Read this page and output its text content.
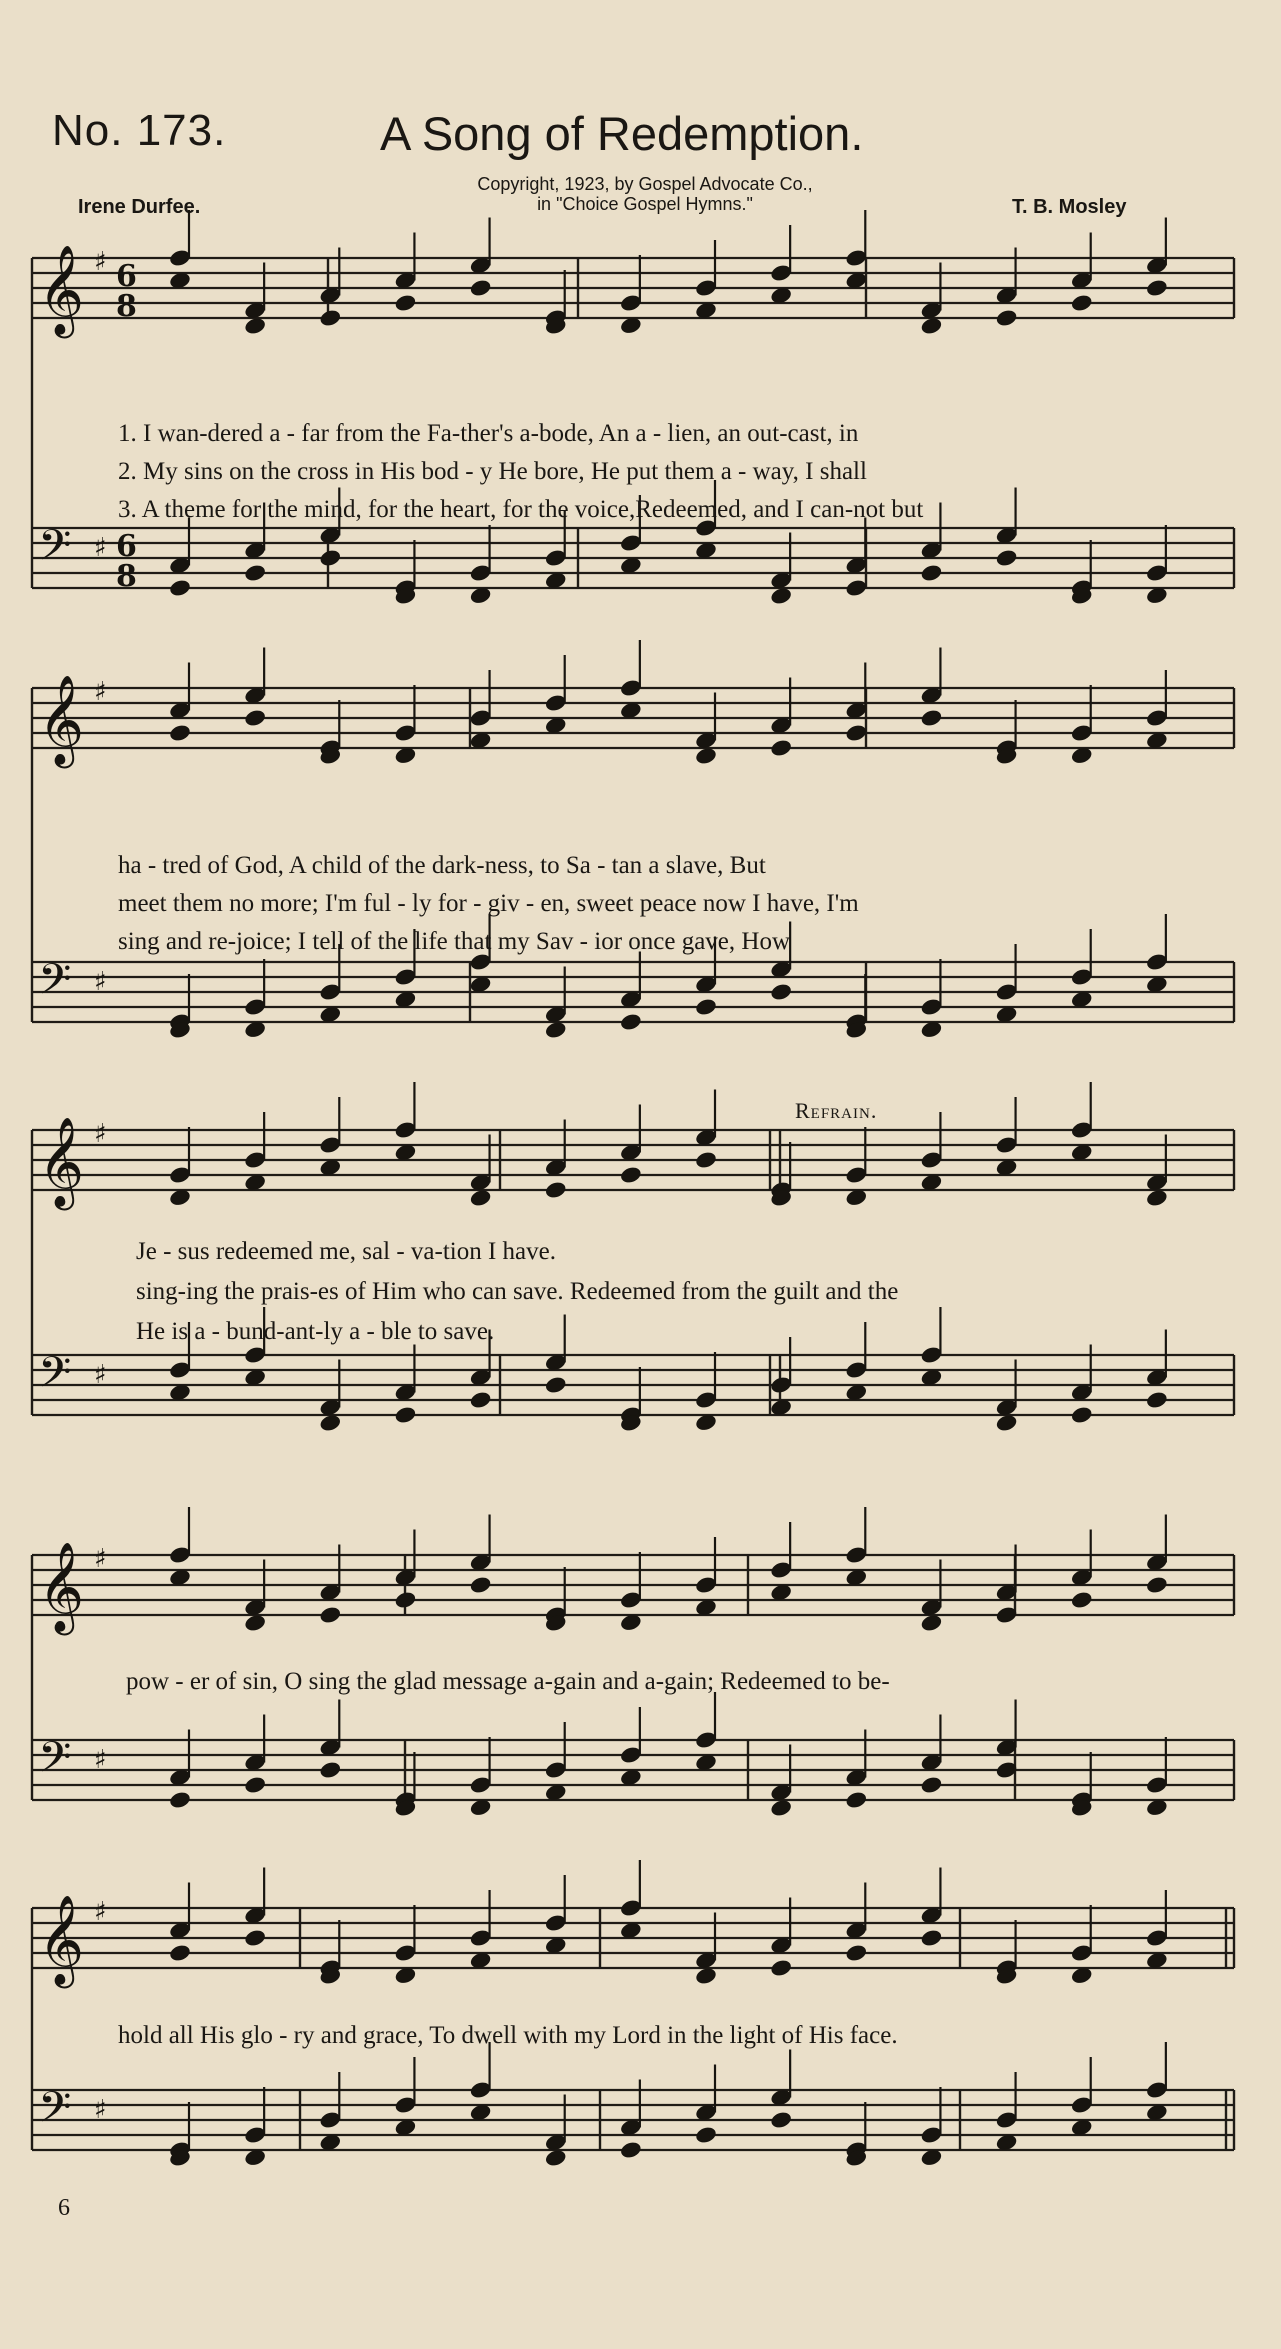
No. 173.	A Song of Redemption.
Copyright, 1923, by Gospel Advocate Co.,
in "Choice Gospel Hymns."
Irene Durfee.	T. B. Mosley
𝄞 ♯ 6
8
𝄢 ♯ 6
8
𝄞 ♯
𝄢 ♯
𝄞 ♯
𝄢 ♯
𝄞 ♯
𝄢 ♯
𝄞 ♯
𝄢 ♯
1. I wan-dered a - far from the Fa-ther's a-bode, An a - lien, an out-cast, in
2. My sins on the cross in His bod - y He bore, He put them a - way, I shall
3. A theme for the mind, for the heart, for the voice,Redeemed, and I can-not but
ha - tred of God, A child of the dark-ness, to Sa - tan a slave, But
meet them no more; I'm ful - ly for - giv - en, sweet peace now I have, I'm
sing and re-joice; I tell of the life that my Sav - ior once gave, How
Refrain.
Je - sus redeemed me, sal - va-tion I have.
sing-ing the prais-es of Him who can save. Redeemed from the guilt and the
He is a - bund-ant-ly a - ble to save.
pow - er of sin, O sing the glad message a-gain and a-gain; Redeemed to be-
hold all His glo - ry and grace, To dwell with my Lord in the light of His face.
6
